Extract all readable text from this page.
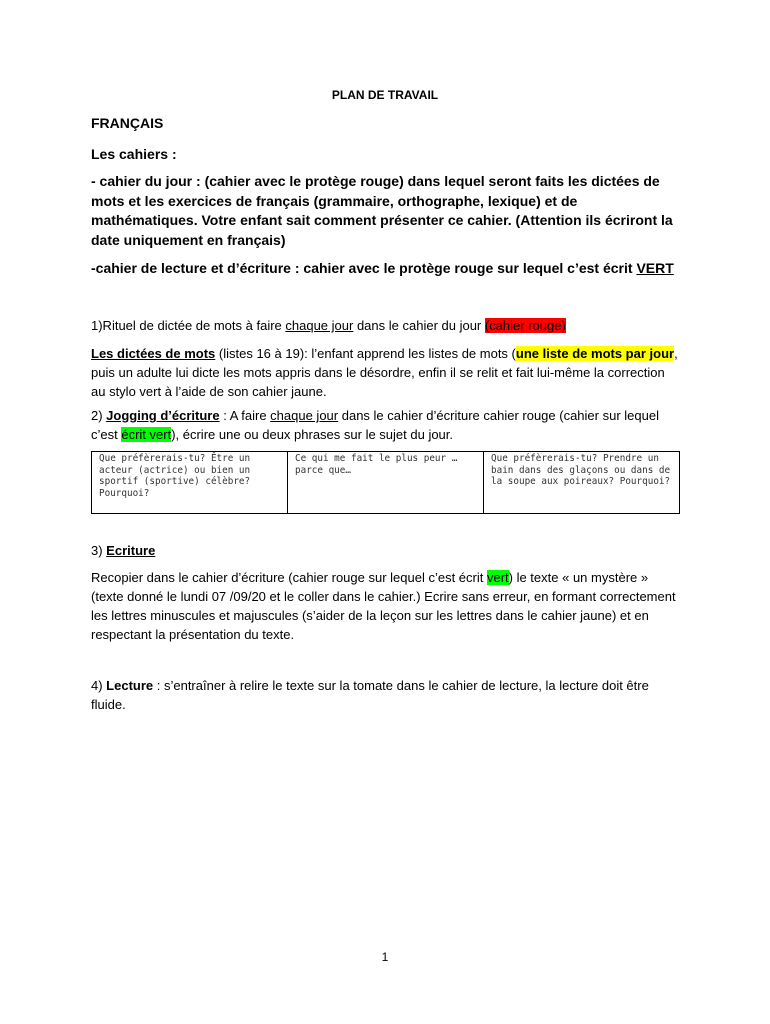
PLAN DE TRAVAIL
FRANÇAIS
Les cahiers :
- cahier du jour : (cahier avec le protège rouge) dans lequel seront faits les dictées de mots et les exercices de français (grammaire, orthographe, lexique) et de mathématiques. Votre enfant sait comment présenter ce cahier. (Attention ils écriront la date uniquement en français)
-cahier de lecture et d’écriture : cahier avec le protège rouge sur lequel c’est écrit VERT
1)Rituel de dictée de mots à faire chaque jour dans le cahier du jour (cahier rouge)
Les dictées de mots (listes 16 à 19): l’enfant apprend les listes de mots (une liste de mots par jour, puis un adulte lui dicte les mots appris dans le désordre, enfin il se relit et fait lui-même la correction au stylo vert à l’aide de son cahier jaune.
2) Jogging d’écriture : A faire chaque jour dans le cahier d’écriture cahier rouge (cahier sur lequel c’est écrit vert), écrire une ou deux phrases sur le sujet du jour.
Que préfèrerais-tu? Être un acteur (actrice) ou bien un sportif (sportive) célèbre? Pourquoi?
Ce qui me fait le plus peur … parce que…
Que préfèrerais-tu? Prendre un bain dans des glaçons ou dans de la soupe aux poireaux? Pourquoi?
3) Ecriture
Recopier dans le cahier d’écriture (cahier rouge sur lequel c’est écrit vert) le texte « un mystère » (texte donné le lundi 07 /09/20 et le coller dans le cahier.) Ecrire sans erreur, en formant correctement les lettres minuscules et majuscules (s’aider de la leçon sur les lettres dans le cahier jaune) et en respectant la présentation du texte.
4) Lecture : s’entraîner à relire le texte sur la tomate dans le cahier de lecture, la lecture doit être fluide.
1
